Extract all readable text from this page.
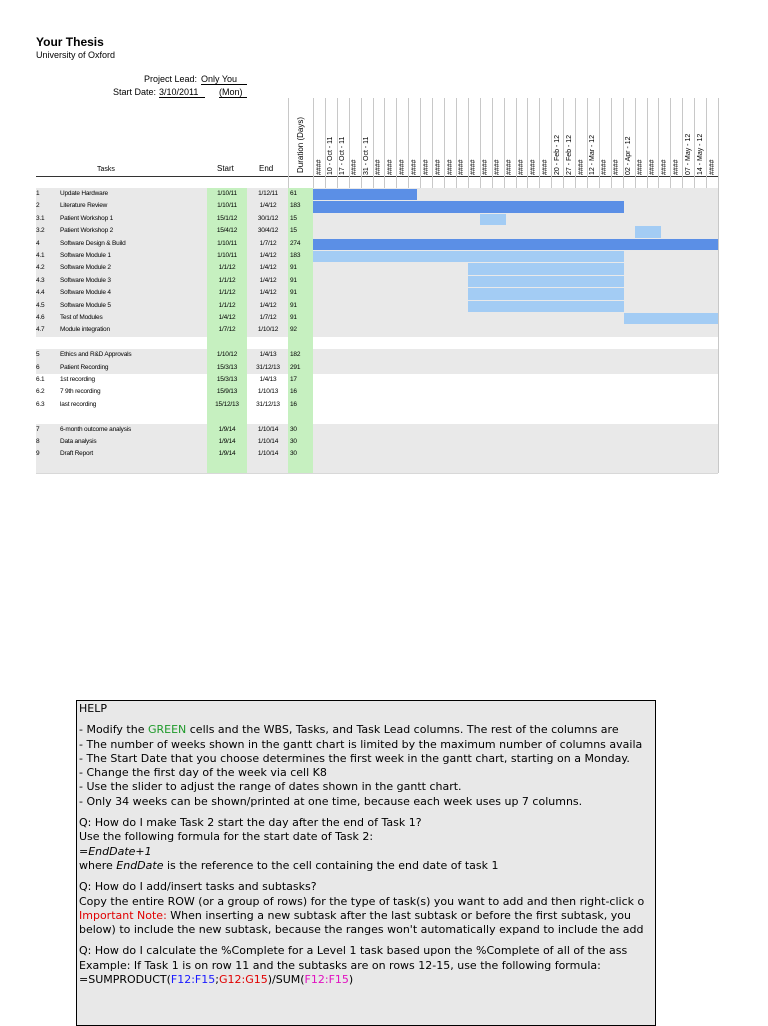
Your Thesis
University of Oxford
Project Lead: Only You
Start Date: 3/10/2011	(Mon)
Tasks	Start	End	Duration (Days)
1	Update Hardware	1/10/11	1/12/11	61
2	Literature Review	1/10/11	1/4/12	183
3.1 Patient Workshop 1	15/1/12	30/1/12	15
3.2 Patient Workshop 2	15/4/12	30/4/12	15
4	Software Design & Build	1/10/11	1/7/12	274
4.1 Software Module 1	1/10/11	1/4/12	183
4.2 Software Module 2	1/1/12	1/4/12	91
4.3 Software Module 3	1/1/12	1/4/12	91
4.4 Software Module 4	1/1/12	1/4/12	91
4.5 Software Module 5	1/1/12	1/4/12	91
4.6 Test of Modules	1/4/12	1/7/12	91
4.7 Module integration	1/7/12	1/10/12	92
5	Ethics and R&D Approvals	1/10/12	1/4/13	182
6	Patient Recording	15/3/13	31/12/13	291
6.1 1st recording	15/3/13	1/4/13	17
6.2 7 9th recording	15/9/13	1/10/13	16
6.3 last recording	15/12/13	31/12/13	16
7	6-month outcome analysis	1/9/14	1/10/14	30
8	Data analysis	1/9/14	1/10/14	30
9	Draft Report	1/9/14	1/10/14	30
#### 10 - Oct - 11 17 - Oct - 11 #### 31 - Oct - 11 #### #### #### #### #### #### #### #### #### #### #### #### #### #### #### 20 - Feb - 12 27 - Feb - 12 #### 12 - Mar - 12 #### #### 02 - Apr - 12 #### #### #### #### 07 - May - 12 14 - May - 12 ####

HELP

- Modify the GREEN cells and the WBS, Tasks, and Task Lead columns. The rest of the columns are

- The number of weeks shown in the gantt chart is limited by the maximum number of columns availa

- The Start Date that you choose determines the first week in the gantt chart, starting on a Monday.

- Change the first day of the week via cell K8

- Use the slider to adjust the range of dates shown in the gantt chart.

- Only 34 weeks can be shown/printed at one time, because each week uses up 7 columns.

Q: How do I make Task 2 start the day after the end of Task 1?

Use the following formula for the start date of Task 2:

=EndDate+1

where EndDate is the reference to the cell containing the end date of task 1

Q: How do I add/insert tasks and subtasks?

Copy the entire ROW (or a group of rows) for the type of task(s) you want to add and then right-click o

Important Note: When inserting a new subtask after the last subtask or before the first subtask, you

below) to include the new subtask, because the ranges won't automatically expand to include the add

Q: How do I calculate the %Complete for a Level 1 task based upon the %Complete of all of the ass

Example: If Task 1 is on row 11 and the subtasks are on rows 12-15, use the following formula:

=SUMPRODUCT(F12:F15;G12:G15)/SUM(F12:F15)
